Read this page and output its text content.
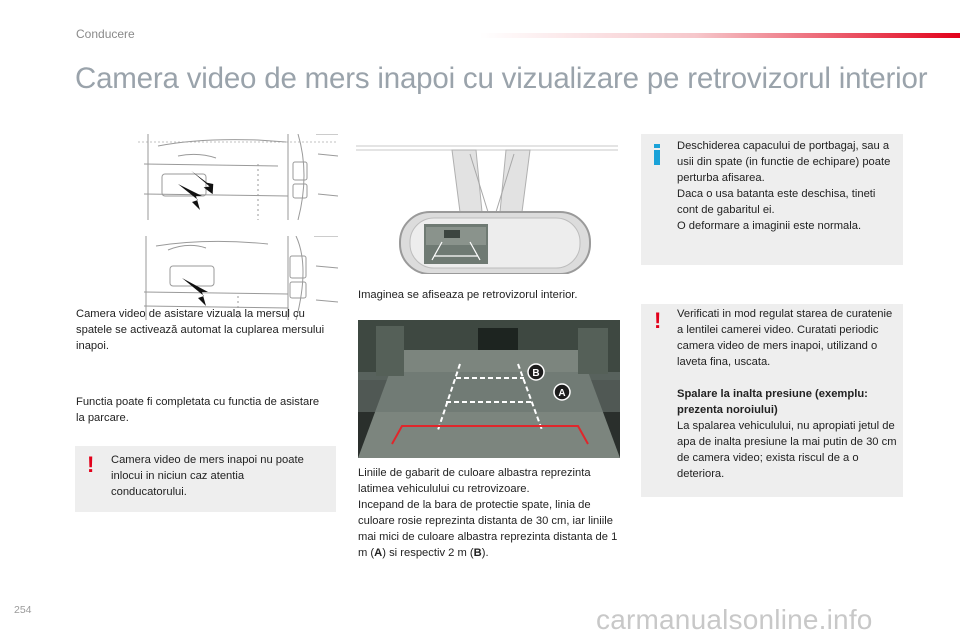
Conducere
Camera video de mers inapoi cu vizualizare pe retrovizorul interior

Camera video de asistare vizuala la mersul cu spatele se activează automat la cuplarea mersului inapoi.

Functia poate fi completata cu functia de asistare la parcare.

! Camera video de mers inapoi nu poate inlocui in niciun caz atentia conducatorului.

Imaginea se afiseaza pe retrovizorul interior.

B
A

Liniile de gabarit de culoare albastra reprezinta latimea vehiculului cu retrovizoare.
Incepand de la bara de protectie spate, linia de culoare rosie reprezinta distanta de 30 cm, iar liniile mai mici de culoare albastra reprezinta distanta de 1 m (A) si respectiv 2 m (B).

Deschiderea capacului de portbagaj, sau a usii din spate (in functie de echipare) poate perturba afisarea.
Daca o usa batanta este deschisa, tineti cont de gabaritul ei.
O deformare a imaginii este normala.
! Verificati in mod regulat starea de curatenie a lentilei camerei video. Curatati periodic camera video de mers inapoi, utilizand o laveta fina, uscata.

Spalare la inalta presiune (exemplu: prezenta noroiului)
La spalarea vehiculului, nu apropiati jetul de apa de inalta presiune la mai putin de 30 cm de camera video; exista riscul de a o deteriora.
254	carmanualsonline.info
